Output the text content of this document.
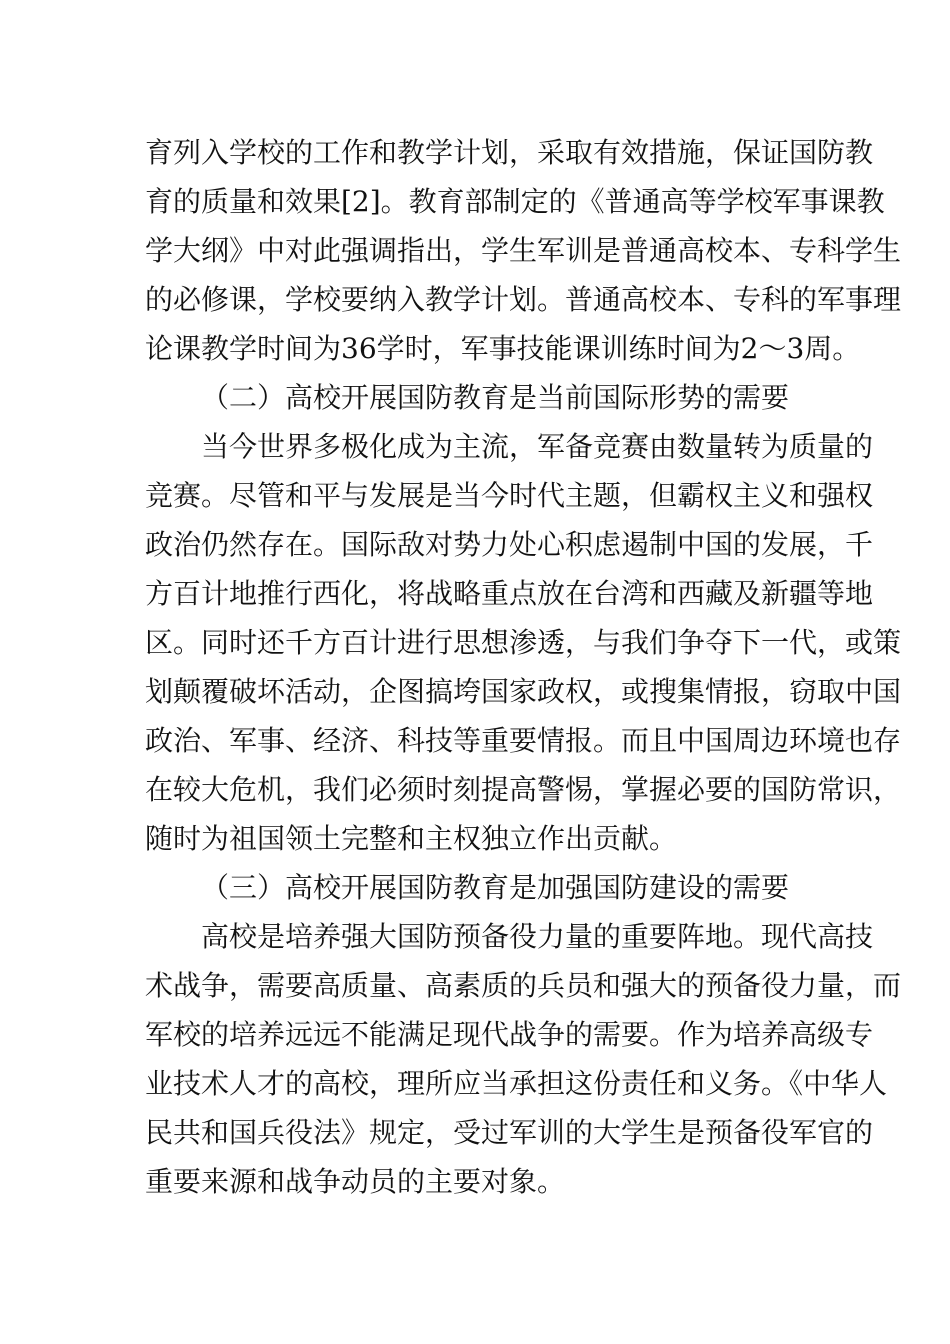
育列入学校的工作和教学计划，采取有效措施，保证国防教
育的质量和效果[2]。教育部制定的《普通高等学校军事课教
学大纲》中对此强调指出，学生军训是普通高校本、专科学生
的必修课，学校要纳入教学计划。普通高校本、专科的军事理
论课教学时间为36学时，军事技能课训练时间为2～3周。
（二）高校开展国防教育是当前国际形势的需要
当今世界多极化成为主流，军备竞赛由数量转为质量的
竞赛。尽管和平与发展是当今时代主题，但霸权主义和强权
政治仍然存在。国际敌对势力处心积虑遏制中国的发展，千
方百计地推行西化，将战略重点放在台湾和西藏及新疆等地
区。同时还千方百计进行思想渗透，与我们争夺下一代，或策
划颠覆破坏活动，企图搞垮国家政权，或搜集情报，窃取中国
政治、军事、经济、科技等重要情报。而且中国周边环境也存
在较大危机，我们必须时刻提高警惕，掌握必要的国防常识，
随时为祖国领土完整和主权独立作出贡献。
（三）高校开展国防教育是加强国防建设的需要
高校是培养强大国防预备役力量的重要阵地。现代高技
术战争，需要高质量、高素质的兵员和强大的预备役力量，而
军校的培养远远不能满足现代战争的需要。作为培养高级专
业技术人才的高校，理所应当承担这份责任和义务。《中华人
民共和国兵役法》规定，受过军训的大学生是预备役军官的
重要来源和战争动员的主要对象。
